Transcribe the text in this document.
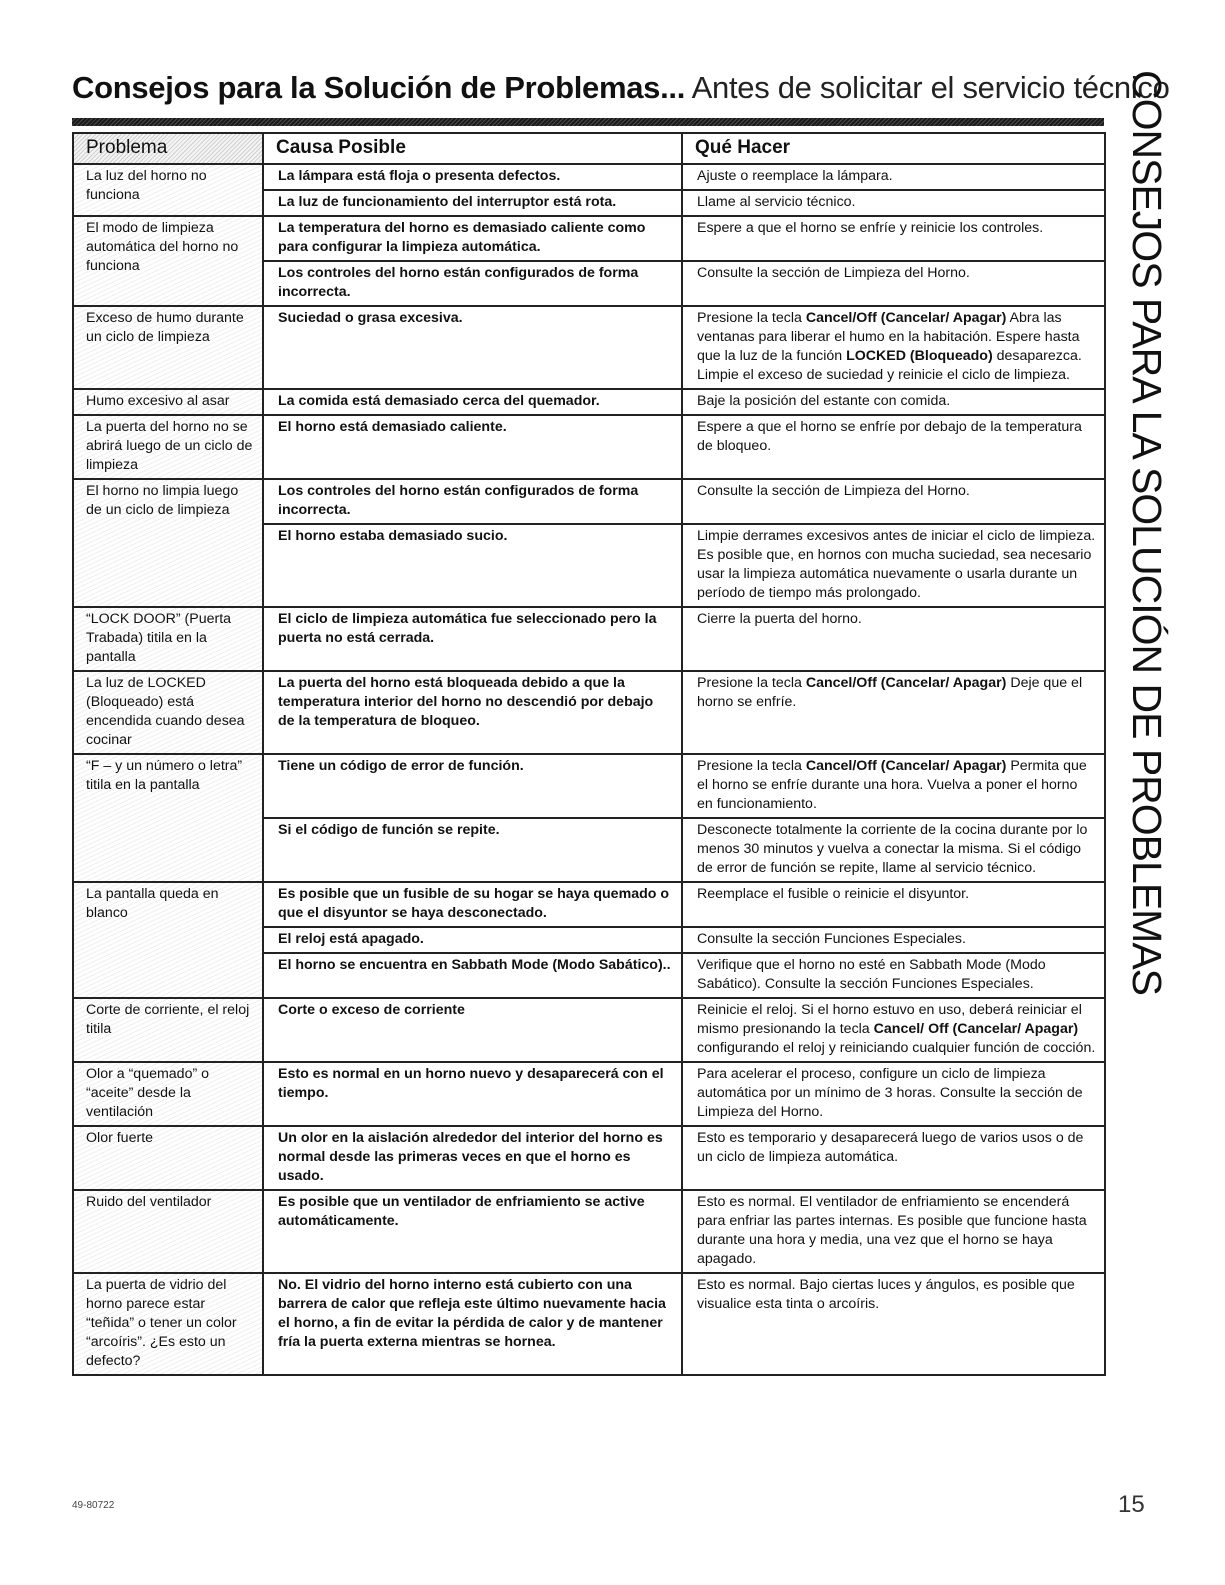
Consejos para la Solución de Problemas... Antes de solicitar el servicio técnico
CONSEJOS PARA LA SOLUCIÓN DE PROBLEMAS
Problema	Causa Posible	Qué Hacer
La luz del horno no funciona	La lámpara está floja o presenta defectos.	Ajuste o reemplace la lámpara.
	La luz de funcionamiento del interruptor está rota.	Llame al servicio técnico.
El modo de limpieza automática del horno no funciona	La temperatura del horno es demasiado caliente como para configurar la limpieza automática.	Espere a que el horno se enfríe y reinicie los controles.
	Los controles del horno están configurados de forma incorrecta.	Consulte la sección de Limpieza del Horno.
Exceso de humo durante un ciclo de limpieza	Suciedad o grasa excesiva.	Presione la tecla Cancel/Off (Cancelar/ Apagar) Abra las ventanas para liberar el humo en la habitación. Espere hasta que la luz de la función LOCKED (Bloqueado) desaparezca. Limpie el exceso de suciedad y reinicie el ciclo de limpieza.
Humo excesivo al asar	La comida está demasiado cerca del quemador.	Baje la posición del estante con comida.
La puerta del horno no se abrirá luego de un ciclo de limpieza	El horno está demasiado caliente.	Espere a que el horno se enfríe por debajo de la temperatura de bloqueo.
El horno no limpia luego de un ciclo de limpieza	Los controles del horno están configurados de forma incorrecta.	Consulte la sección de Limpieza del Horno.
	El horno estaba demasiado sucio.	Limpie derrames excesivos antes de iniciar el ciclo de limpieza. Es posible que, en hornos con mucha suciedad, sea necesario usar la limpieza automática nuevamente o usarla durante un período de tiempo más prolongado.
“LOCK DOOR” (Puerta Trabada) titila en la pantalla	El ciclo de limpieza automática fue seleccionado pero la puerta no está cerrada.	Cierre la puerta del horno.
La luz de LOCKED (Bloqueado) está encendida cuando desea cocinar	La puerta del horno está bloqueada debido a que la temperatura interior del horno no descendió por debajo de la temperatura de bloqueo.	Presione la tecla Cancel/Off (Cancelar/ Apagar) Deje que el horno se enfríe.
“F – y un número o letra” titila en la pantalla	Tiene un código de error de función.	Presione la tecla Cancel/Off (Cancelar/ Apagar) Permita que el horno se enfríe durante una hora. Vuelva a poner el horno en funcionamiento.
	Si el código de función se repite.	Desconecte totalmente la corriente de la cocina durante por lo menos 30 minutos y vuelva a conectar la misma. Si el código de error de función se repite, llame al servicio técnico.
La pantalla queda en blanco	Es posible que un fusible de su hogar se haya quemado o que el disyuntor se haya desconectado.	Reemplace el fusible o reinicie el disyuntor.
	El reloj está apagado.	Consulte la sección Funciones Especiales.
	El horno se encuentra en Sabbath Mode (Modo Sabático)..	Verifique que el horno no esté en Sabbath Mode (Modo Sabático). Consulte la sección Funciones Especiales.
Corte de corriente, el reloj titila	Corte o exceso de corriente	Reinicie el reloj. Si el horno estuvo en uso, deberá reiniciar el mismo presionando la tecla Cancel/ Off (Cancelar/ Apagar) configurando el reloj y reiniciando cualquier función de cocción.
Olor a “quemado” o “aceite” desde la ventilación	Esto es normal en un horno nuevo y desaparecerá con el tiempo.	Para acelerar el proceso, configure un ciclo de limpieza automática por un mínimo de 3 horas. Consulte la sección de Limpieza del Horno.
Olor fuerte	Un olor en la aislación alrededor del interior del horno es normal desde las primeras veces en que el horno es usado.	Esto es temporario y desaparecerá luego de varios usos o de un ciclo de limpieza automática.
Ruido del ventilador	Es posible que un ventilador de enfriamiento se active automáticamente.	Esto es normal. El ventilador de enfriamiento se encenderá para enfriar las partes internas. Es posible que funcione hasta durante una hora y media, una vez que el horno se haya apagado.
La puerta de vidrio del horno parece estar “teñida” o tener un color “arcoíris”. ¿Es esto un defecto?	No. El vidrio del horno interno está cubierto con una barrera de calor que refleja este último nuevamente hacia el horno, a fin de evitar la pérdida de calor y de mantener fría la puerta externa mientras se hornea.	Esto es normal. Bajo ciertas luces y ángulos, es posible que visualice esta tinta o arcoíris.
49-80722	15
